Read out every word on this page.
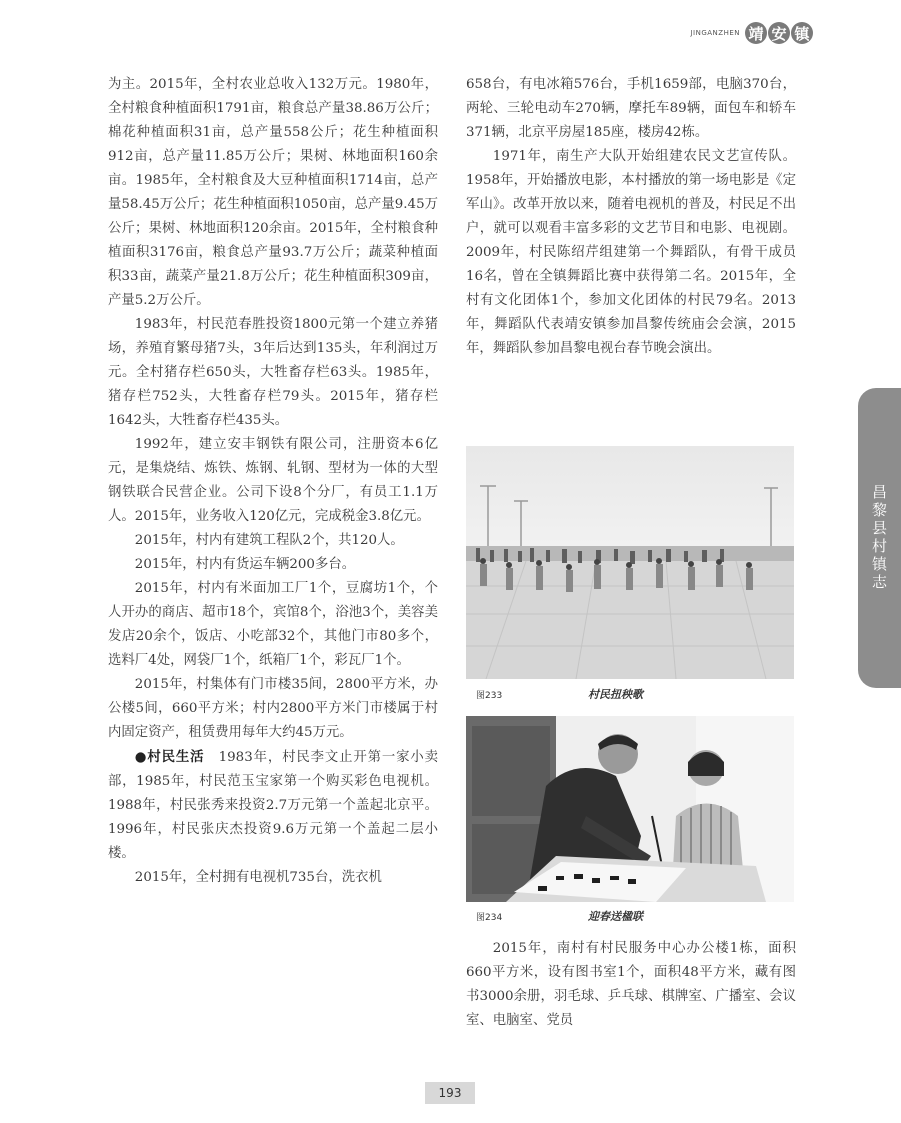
JINGANZHEN 靖 安 镇

为主。2015年，全村农业总收入132万元。1980年，全村粮食种植面积1791亩，粮食总产量38.86万公斤；棉花种植面积31亩，总产量558公斤；花生种植面积912亩，总产量11.85万公斤；果树、林地面积160余亩。1985年，全村粮食及大豆种植面积1714亩，总产量58.45万公斤；花生种植面积1050亩，总产量9.45万公斤；果树、林地面积120余亩。2015年，全村粮食种植面积3176亩，粮食总产量93.7万公斤；蔬菜种植面积33亩，蔬菜产量21.8万公斤；花生种植面积309亩，产量5.2万公斤。

1983年，村民范春胜投资1800元第一个建立养猪场，养殖育繁母猪7头，3年后达到135头，年利润过万元。全村猪存栏650头，大牲畜存栏63头。1985年，猪存栏752头，大牲畜存栏79头。2015年，猪存栏1642头，大牲畜存栏435头。

1992年，建立安丰钢铁有限公司，注册资本6亿元，是集烧结、炼铁、炼钢、轧钢、型材为一体的大型钢铁联合民营企业。公司下设8个分厂，有员工1.1万人。2015年，业务收入120亿元，完成税金3.8亿元。

2015年，村内有建筑工程队2个，共120人。

2015年，村内有货运车辆200多台。

2015年，村内有米面加工厂1个，豆腐坊1个，个人开办的商店、超市18个，宾馆8个，浴池3个，美容美发店20余个，饭店、小吃部32个，其他门市80多个，选料厂4处，网袋厂1个，纸箱厂1个，彩瓦厂1个。

2015年，村集体有门市楼35间，2800平方米，办公楼5间，660平方米；村内2800平方米门市楼属于村内固定资产，租赁费用每年大约45万元。

●村民生活　1983年，村民李文止开第一家小卖部，1985年，村民范玉宝家第一个购买彩色电视机。1988年，村民张秀来投资2.7万元第一个盖起北京平。1996年，村民张庆杰投资9.6万元第一个盖起二层小楼。

2015年，全村拥有电视机735台，洗衣机

658台，有电冰箱576台，手机1659部，电脑370台，两轮、三轮电动车270辆，摩托车89辆，面包车和轿车371辆，北京平房屋185座，楼房42栋。

1971年，南生产大队开始组建农民文艺宣传队。1958年，开始播放电影，本村播放的第一场电影是《定军山》。改革开放以来，随着电视机的普及，村民足不出户，就可以观看丰富多彩的文艺节目和电影、电视剧。2009年，村民陈绍芹组建第一个舞蹈队，有骨干成员16名，曾在全镇舞蹈比赛中获得第二名。2015年，全村有文化团体1个，参加文化团体的村民79名。2013年，舞蹈队代表靖安镇参加昌黎传统庙会会演，2015年，舞蹈队参加昌黎电视台春节晚会演出。

图233	村民扭秧歌
图234	迎春送楹联

2015年，南村有村民服务中心办公楼1栋，面积660平方米，设有图书室1个，面积48平方米，藏有图书3000余册，羽毛球、乒乓球、棋牌室、广播室、会议室、电脑室、党员

昌黎县村镇志
193
